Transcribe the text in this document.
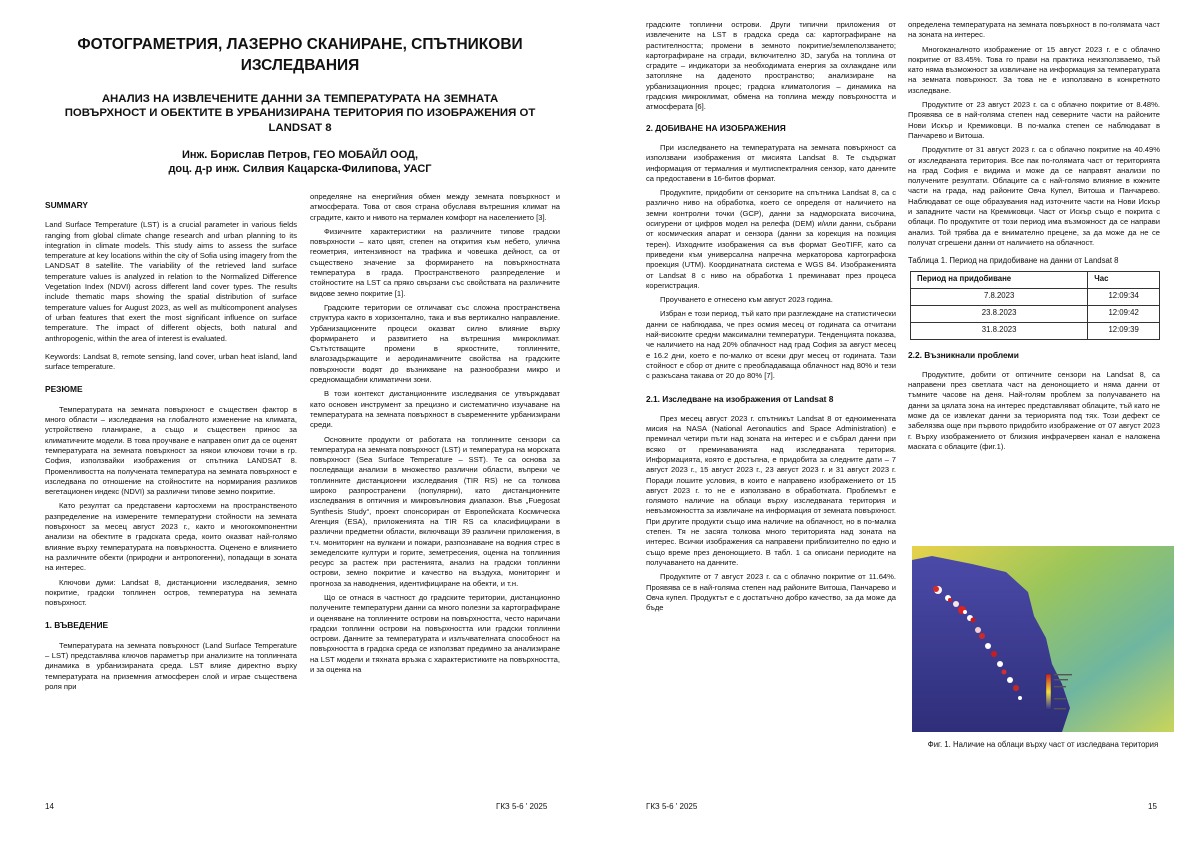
ФОТОГРАМЕТРИЯ, ЛАЗЕРНО СКАНИРАНЕ, СПЪТНИКОВИ ИЗСЛЕДВАНИЯ
АНАЛИЗ НА ИЗВЛЕЧЕНИТЕ ДАННИ ЗА ТЕМПЕРАТУРАТА НА ЗЕМНАТА ПОВЪРХНОСТ И ОБЕКТИТЕ В УРБАНИЗИРАНА ТЕРИТОРИЯ ПО ИЗОБРАЖЕНИЯ ОТ LANDSAT 8
Инж. Борислав Петров, ГЕО МОБАЙЛ ООД,
доц. д-р инж. Силвия Кацарска-Филипова, УАСГ
SUMMARY

Land Surface Temperature (LST) is a crucial parameter in various fields ranging from global climate change research and urban planning to its integration in climate models. This study aims to assess the surface temperature at key locations within the city of Sofia using imagery from the LANDSAT 8 satellite. The variability of the retrieved land surface temperature values is analyzed in relation to the Normalized Difference Vegetation Index (NDVI) across different land cover types. The results include thematic maps showing the spatial distribution of surface temperature values for August 2023, as well as multicomponent analyses of urban features that exert the most significant influence on surface temperature. The impact of different objects, both natural and anthropogenic, within the area of interest is evaluated.

Keywords: Landsat 8, remote sensing, land cover, urban heat island, land surface temperature.

РЕЗЮМЕ

Температурата на земната повърхност е съществен фактор в много области – изследвания на глобалното изменение на климата, устройствено планиране, а също и съществен принос за климатичните модели. В това проучване е направен опит да се оценят температурата на земната повърхност за някои ключови точки в гр. София, използвайки изображения от спътника LANDSAT 8. Променливостта на получената температура на земната повърхност е изследвана по отношение на стойностите на нормирания разликов вегетационен индекс (NDVI) за различни типове земно покритие.

Като резултат са представени картосхеми на пространственото разпределение на измерените температурни стойности на земната повърхност за месец август 2023 г., както и многокомпонентни анализи на обектите в градската среда, които оказват най-голямо влияние върху температурата на повърхността. Оценено е влиянието на различните обекти (природни и антропогенни), попадащи в зоната на интерес.

Ключови думи: Landsat 8, дистанционни изследвания, земно покритие, градски топлинен остров, температура на земната повърхност.

1. ВЪВЕДЕНИЕ

Температурата на земната повърхност (Land Surface Temperature – LST) представлява ключов параметър при анализите на топлинната динамика в урбанизираната среда. LST влияе директно върху температурата на приземния атмосферен слой и играе съществена роля при

определяне на енергийния обмен между земната повърхност и атмосферата. Това от своя страна обуславя вътрешния климат на сградите, както и нивото на термален комфорт на населението [3].

Физичните характеристики на различните типове градски повърхности – като цвят, степен на открития към небето, улична геометрия, интензивност на трафика и човешка дейност, са от съществено значение за формирането на повърхностната температура в града. Пространственото разпределение и стойностите на LST са пряко свързани със свойствата на различните видове земно покритие [1].

Градските територии се отличават със сложна пространствена структура както в хоризонтално, така и във вертикално направление. Урбанизационните процеси оказват силно влияние върху формирането и развитието на вътрешния микроклимат. Сътътстващите промени в яркостните, топлинните, влагозадържащите и аеродинамичните свойства на градските повърхности водят до възникване на разнообразни микро и средномащабни климатични зони.

В този контекст дистанционните изследвания се утвърждават като основен инструмент за прецизно и систематично изучаване на температурата на земната повърхност в съвременните урбанизирани среди.

Основните продукти от работата на топлинните сензори са температура на земната повърхност (LST) и температура на морската повърхност (Sea Surface Temperature – SST). Те са основа за последващи анализи в множество различни области, въпреки че топлинните дистанционни изследвания (TIR RS) не са толкова широко разпространени (популярни), като дистанционните изследвания в оптичния и микровълновия диапазон. Във „Fuegosat Synthesis Study“, проект спонсориран от Европейската Космическа Агенция (ESA), приложенията на TIR RS са класифицирани в различни предметни области, включващи 39 различни приложения, в т.ч. мониторинг на вулкани и пожари, разпознаване на водния стрес в земеделските култури и горите, земетресения, оценка на топлинния ресурс за растеж при растенията, анализ на градски топлинни острови, земно покритие и качество на въздуха, мониторинг и прогноза за наводнения, идентифициране на обекти, и т.н.

Що се отнася в частност до градските територии, дистанционно получените температурни данни са много полезни за картографиране и оценяване на топлинните острови на повърхността, често наричани градски топлинни острови на повърхността или градски топлинни острови. Данните за температурата и излъчвателната способност на повърхността в градска среда се използват предимно за анализиране на LST модели и тяхната връзка с характеристиките на повърхността, и за оценка на

14	ГКЗ 5-6 ' 2025

градските топлинни острови. Други типични приложения от извлечените на LST в градска среда са: картографиране на растителността; промени в земното покритие/землеползването; картографиране на сгради, включително 3D, загуба на топлина от сградите – индикатори за необходимата енергия за охлаждане или затопляне на даденото пространство; анализиране на урбанизационния процес; градска климатология – динамика на градския микроклимат, обмена на топлина между повърхността и атмосферата [6].

2. ДОБИВАНЕ НА ИЗОБРАЖЕНИЯ

При изследването на температурата на земната повърхност са използвани изображения от мисията Landsat 8. Те съдържат информация от термалния и мултиспектралния сензор, като данните са предоставени в 16-битов формат.

Продуктите, придобити от сензорите на спътника Landsat 8, са с различно ниво на обработка, което се определя от наличието на земни контролни точки (GCP), данни за надморската височина, осигурени от цифров модел на релефа (DEM) и/или данни, събрани от космическия апарат и сензора (данни за корекция на позиция терен). Изходните изображения са във формат GeoTIFF, като са приведени към универсална напречна меркаторова картографска проекция (UTM). Координатната система е WGS 84. Изображенията от Landsat 8 с ниво на обработка 1 преминават през процеса корегистрация.

Проучването е отнесено към август 2023 година.

Избран е този период, тъй като при разглеждане на статистически данни се наблюдава, че през осмия месец от годината са отчитани най-високите средни максимални температури. Тенденцията показва, че наличието на над 20% облачност над град София за август месец е 16.2 дни, което е по-малко от всеки друг месец от годината. Тази стойност е сбор от дните с преобладаваща облачност над 80% и тези с разкъсана такава от 20 до 80% [7].

2.1. Изследване на изображения от Landsat 8

През месец август 2023 г. спътникът Landsat 8 от едноименната мисия на NASA (National Aeronautics and Space Administration) е преминал четири пъти над зоната на интерес и е събрал данни при всяко от преминаванията над изследваната територия. Информацията, която е достъпна, е придобита за следните дати – 7 август 2023 г., 15 август 2023 г., 23 август 2023 г. и 31 август 2023 г. Поради лошите условия, в които е направено изображението от 15 август 2023 г. то не е използвано в обработката. Проблемът е голямото наличие на облаци върху изследваната територия и невъзможността за извличане на информация от земната повърхност. При другите продукти също има наличие на облачност, но в по-малка степен. Тя не засяга толкова много територията над зоната на интерес. Всички изображения са направени приблизително по едно и също време през денонощието. В табл. 1 са описани периодите на получаването на данните.

Продуктите от 7 август 2023 г. са с облачно покритие от 11.64%. Проявява се в най-голяма степен над районите Витоша, Панчарево и Овча купел. Продуктът е с достатъчно добро качество, за да може да бъде

определена температурата на земната повърхност в по-голямата част на зоната на интерес.

Многоканалното изображение от 15 август 2023 г. е с облачно покритие от 83.45%. Това го прави на практика неизползваемо, тъй като няма възможност за извличане на информация за температурата на земната повърхност. За това не е използвано в конкретното изследване.

Продуктите от 23 август 2023 г. са с облачно покритие от 8.48%. Проявява се в най-голяма степен над северните части на районите Нови Искър и Кремиковци. В по-малка степен се наблюдават в Панчарево и Витоша.

Продуктите от 31 август 2023 г. са с облачно покритие на 40.49% от изследваната територия. Все пак по-голямата част от територията на град София е видима и може да се направят анализи по получените резултати. Облаците са с най-голямо влияние в южните части на града, над районите Овча Купел, Витоша и Панчарево. Наблюдават се още образувания над източните части на Нови Искър и западните части на Кремиковци. Част от Искър също е покрита с облаци. По продуктите от този период има възможност да се направи анализ. Той трябва да е внимателно прецене, за да може да не се получат сгрешени данни от наличието на облачност.

Таблица 1. Период на придобиване на данни от Landsat 8
Период на придобиване	Час
7.8.2023	12:09:34
23.8.2023	12:09:42
31.8.2023	12:09:39
2.2. Възникнали проблеми

Продуктите, добити от оптичните сензори на Landsat 8, са направени през светлата част на денонощието и няма данни от тъмните часове на деня. Най-голям проблем за получаването на данни за цялата зона на интерес представляват облаците, тъй като не може да се извлекат данни за териорията под тях. Този дефект се забелязва още при първото придобито изображение от 07 август 2023 г. Върху изображението от близкия инфрачервен канал е наложена маската с облаците (фиг.1).

Фиг. 1. Наличие на облаци върху част от изследвана територия
ГКЗ 5-6 ' 2025	15
